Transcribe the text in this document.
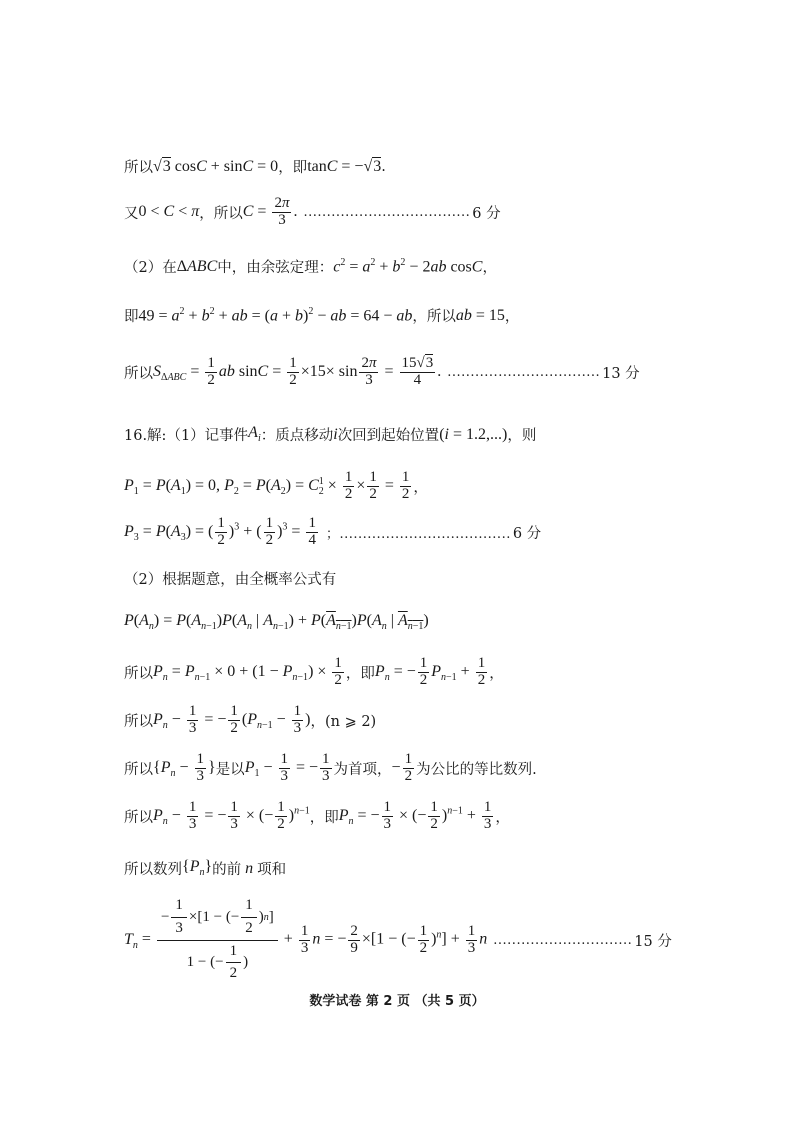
所以 √3 cosC + sinC = 0 ，即 tanC = −√3 .
又 0 < C < π ，所以 $C = \frac{2\pi}{3}$ . .................................... 6 分
（2）在 ΔABC 中，由余弦定理： $c^2 = a^2 + b^2 - 2ab$ cosC ，
即 $49 = a^2 + b^2$ + ab = $(a + b)^2$ − ab = 64 − ab ，所以 ab = 15 ，
所以 $S_{\Delta ABC} = \frac{1}{2}$ ab $\sin C = \frac{1}{2} \times 15\times \sin \frac{2\pi}{3} = \frac{15√3}{4}$ . ................................. 13 分
16.解:（1）记事件 $A_i$ ：质点移动 i 次回到起始位置 (i = 1.2,...) ，则
$P_1 = P(A_1) = 0$, $P_2 = P(A_2) = C_2^1 \times \frac{1}{2} \times \frac{1}{2} = \frac{1}{2}$ ，
$P_3 = P(A_3)$ = ( $\frac{1}{2} )^3$ + ( $\frac{1}{2} )^3 = \frac{1}{4}$ ；..................................... 6 分
（2）根据题意，由全概率公式有
$P(A_n) = P(A_{n-1})P(A_n$ | $A_{n-1}) + P(A_{n-1})P(A_n$ | $A_{n-1}$)
所以 $P_n = P_{n-1} \times 0 + (1 - P_{n-1}) \times \frac{1}{2}$ ，即 $P_n$ = − $\frac{1}{2} P_{n-1} + \frac{1}{2}$ ，
所以 $P_n - \frac{1}{3}$ = − $\frac{1}{2} (P_{n-1} - \frac{1}{3}$ ) ，(n ⩾ 2)
所以 {$P_n - \frac{1}{3}$ } 是以 $P_1 - \frac{1}{3}$ = − $\frac{1}{3}$ 为首项， − $\frac{1}{2}$ 为公比的等比数列.
所以 $P_n - \frac{1}{3}$ = − $\frac{1}{3}$ × (− $\frac{1}{2} )^{n-1}$ ，即 $P_n$ = − $\frac{1}{3}$ × (− $\frac{1}{2} )^{n-1} + \frac{1}{3}$ ，
所以数列 $\{P_n\}$ 的前 n 项和
$T_n = \frac{- \frac{1}{3} \times[1 - (- \frac{1}{2} ) n ]}{1 - (- \frac{1}{2} )} + \frac{1}{3}$ n = − $\frac{2}{9} \times[1$ − (− $\frac{1}{2} )^n] + \frac{1}{3}$ n .............................. 15 分
数学试卷 第 2 页 （共 5 页）
